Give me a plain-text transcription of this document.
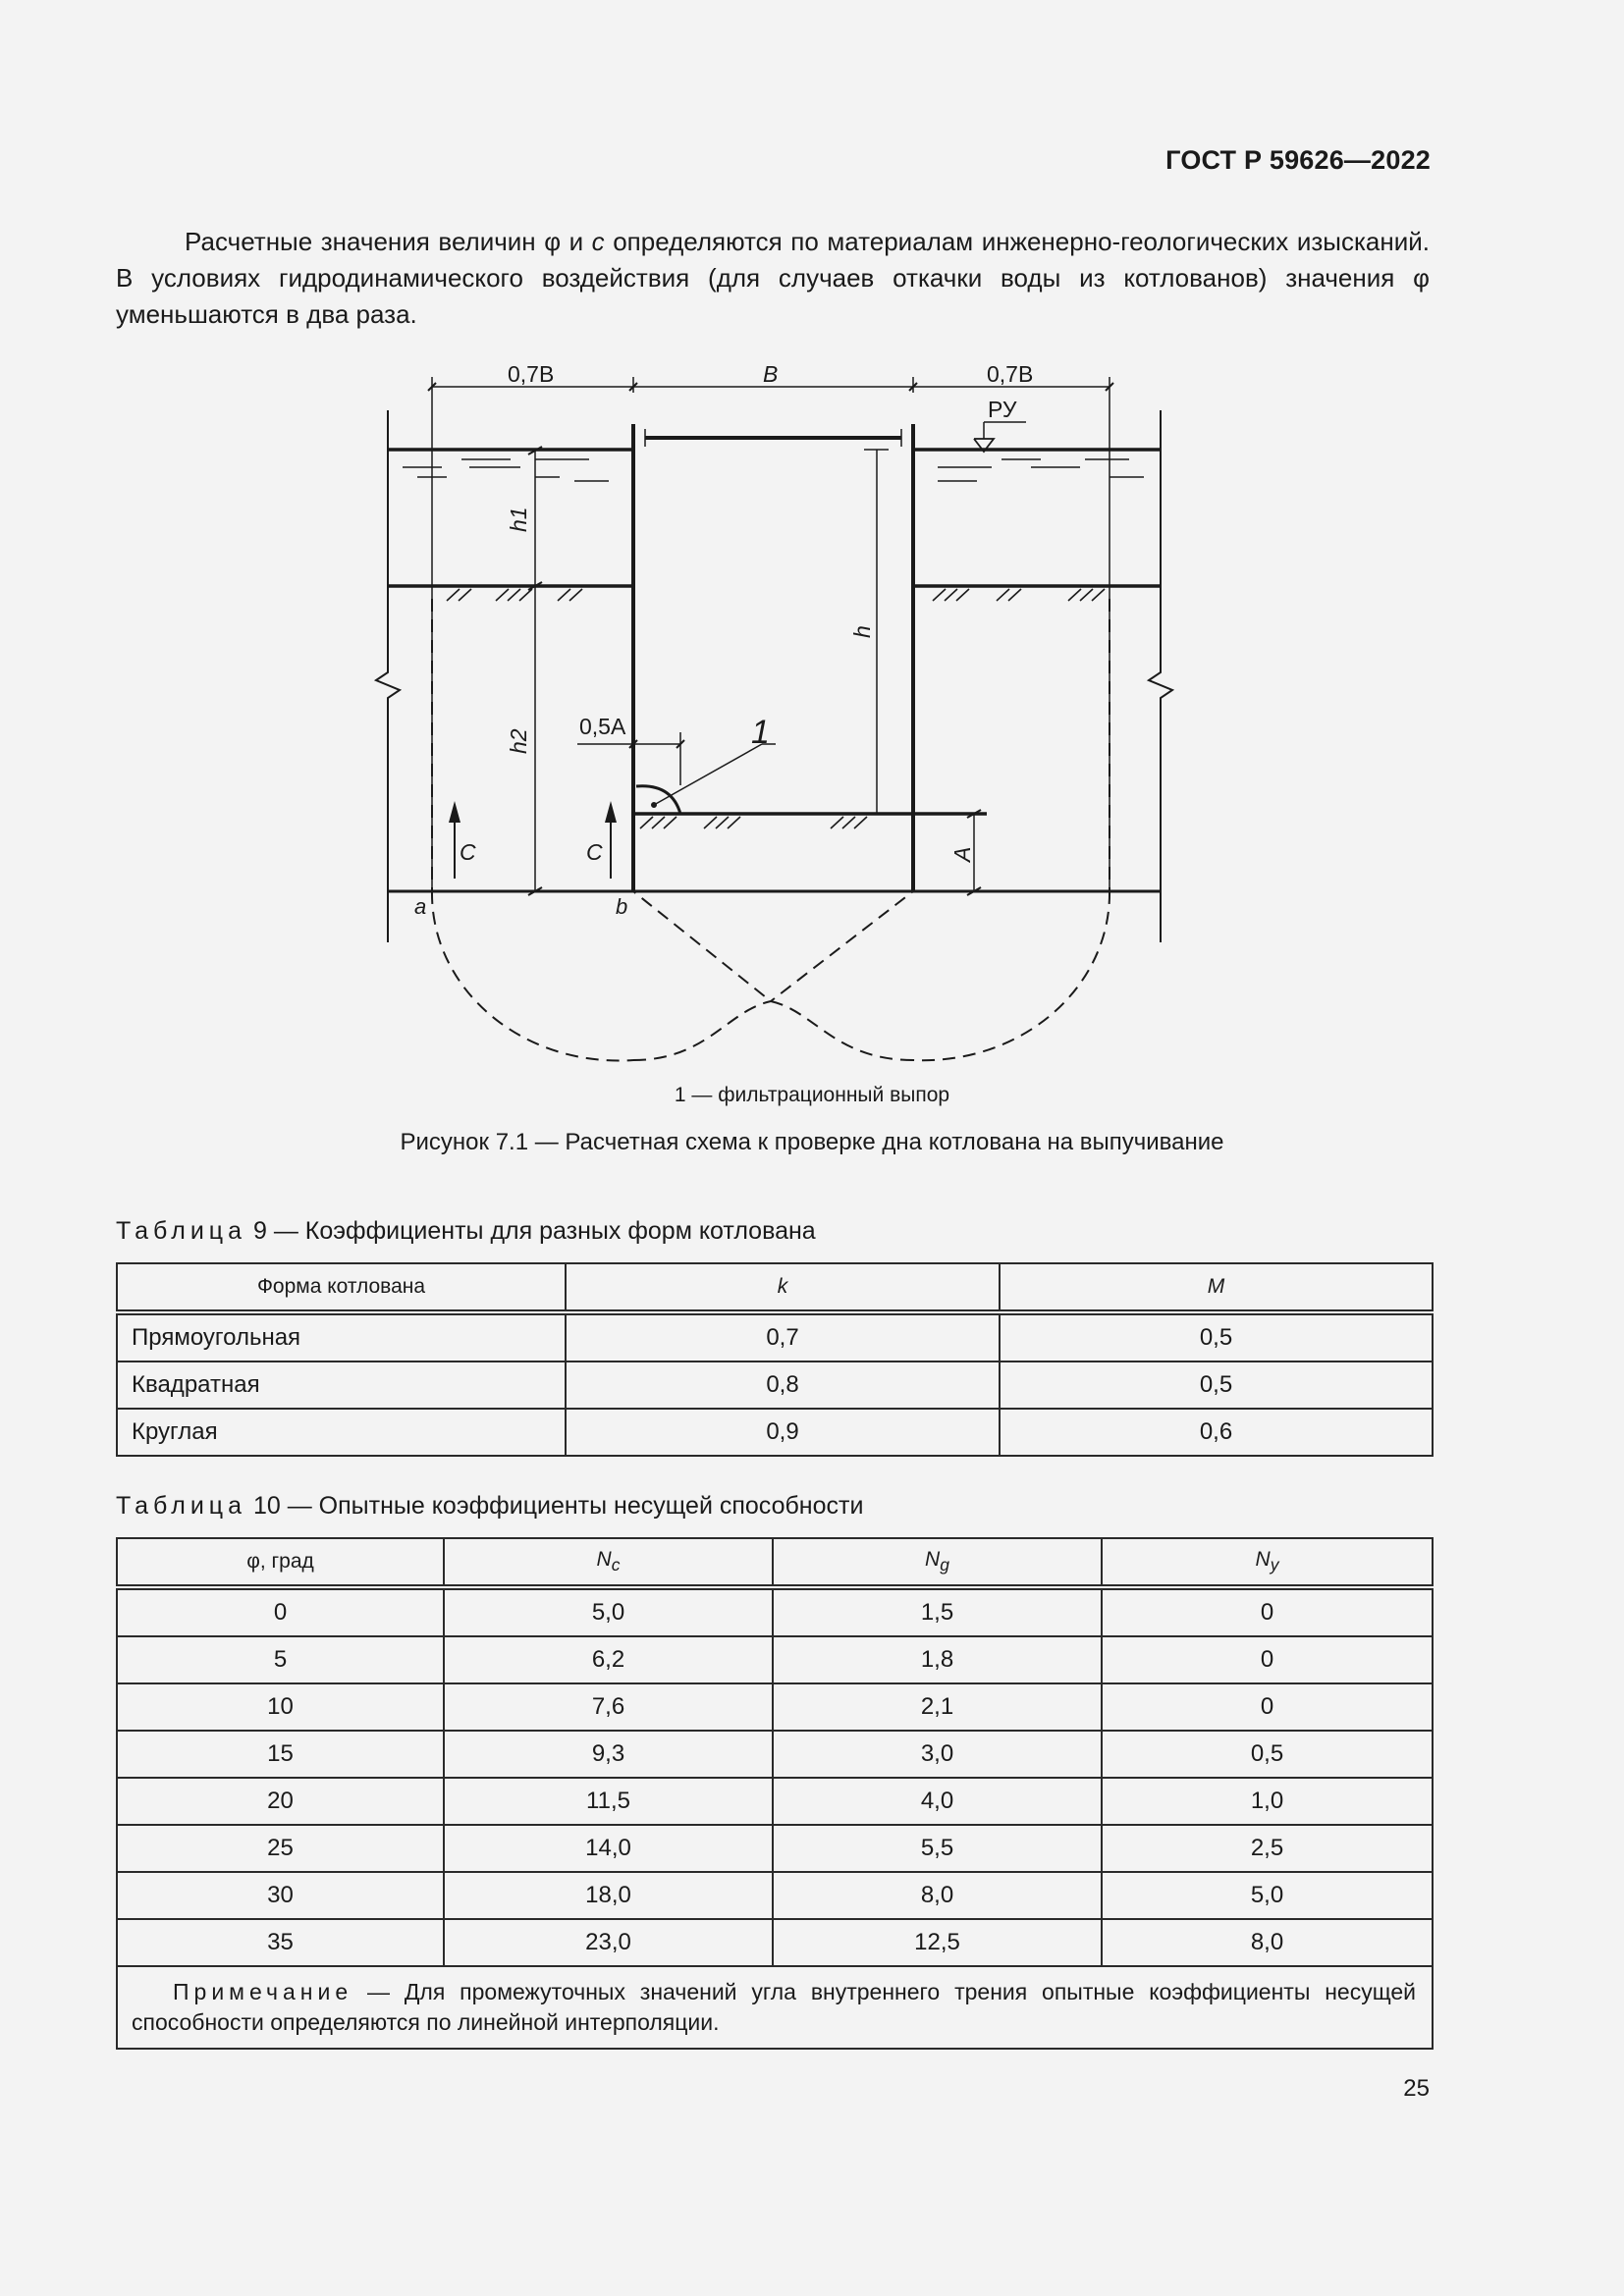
ГОСТ Р 59626—2022

Расчетные значения величин φ и c определяются по материалам инженерно-геологических изысканий. В условиях гидродинамического воздействия (для случаев откачки воды из котлованов) значения φ уменьшаются в два раза.

0,7B	B	0,7B
РУ
h1
h2
h
A
0,5A
C	C
a	b
1
1 — фильтрационный выпор
Рисунок 7.1 — Расчетная схема к проверке дна котлована на выпучивание
Таблица 9 — Коэффициенты для разных форм котлована
Форма котлована	k	M
Прямоугольная	0,7	0,5
Квадратная	0,8	0,5
Круглая	0,9	0,6
Таблица 10 — Опытные коэффициенты несущей способности
φ, град	$N_c$	$N_g$	$N_y$
0	5,0	1,5	0
5	6,2	1,8	0
10	7,6	2,1	0
15	9,3	3,0	0,5
20	11,5	4,0	1,0
25	14,0	5,5	2,5
30	18,0	8,0	5,0
35	23,0	12,5	8,0
Примечание — Для промежуточных значений угла внутреннего трения опытные коэффициенты несущей способности определяются по линейной интерполяции.			
25
